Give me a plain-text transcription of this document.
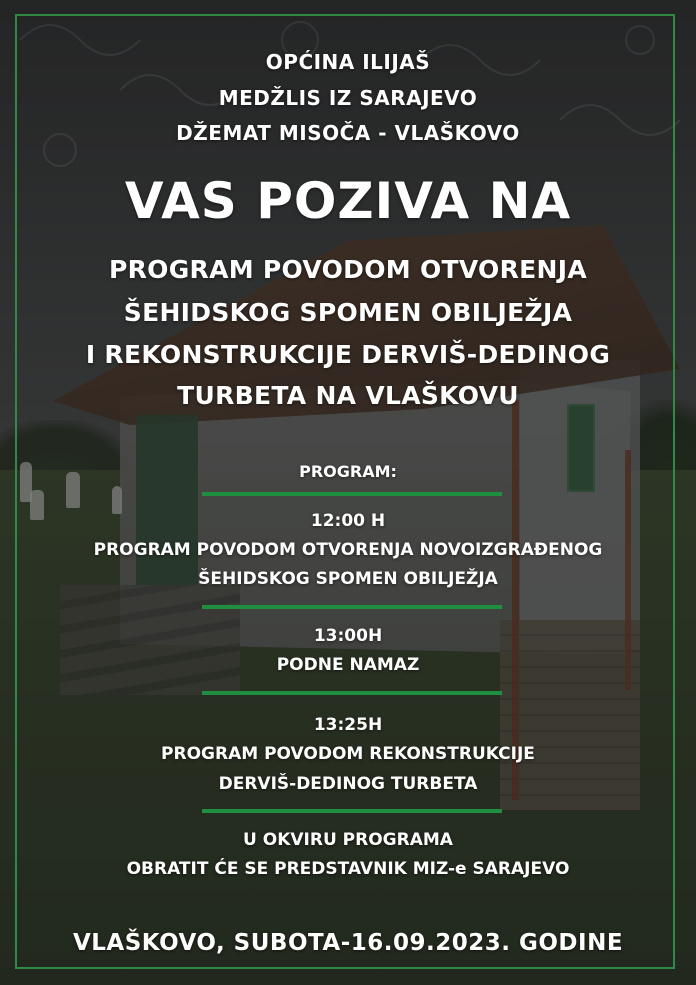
OPĆINA ILIJAŠ
MEDŽLIS IZ SARAJEVO
DŽEMAT MISOČA - VLAŠKOVO
VAS POZIVA NA
PROGRAM POVODOM OTVORENJA
ŠEHIDSKOG SPOMEN OBILJEŽJA
I REKONSTRUKCIJE DERVIŠ-DEDINOG
TURBETA NA VLAŠKOVU
PROGRAM:
12:00 H
PROGRAM POVODOM OTVORENJA NOVOIZGRAĐENOG
ŠEHIDSKOG SPOMEN OBILJEŽJA
13:00H
PODNE NAMAZ
13:25H
PROGRAM POVODOM REKONSTRUKCIJE
DERVIŠ-DEDINOG TURBETA
U OKVIRU PROGRAMA
OBRATIT ĆE SE PREDSTAVNIK MIZ-e SARAJEVO
VLAŠKOVO, SUBOTA-16.09.2023. GODINE
